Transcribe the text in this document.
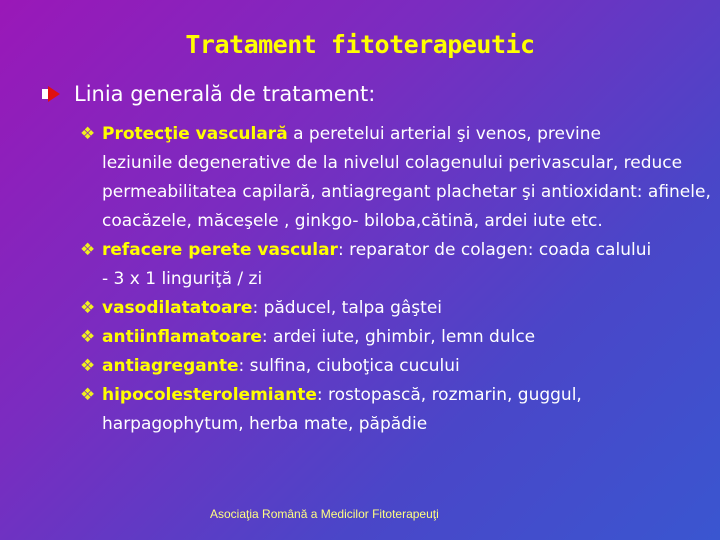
Tratament fitoterapeutic
Linia generală de tratament:
❖ Protecţie vasculară a peretelui arterial şi venos, previne
leziunile degenerative de la nivelul colagenului perivascular, reduce permeabilitatea capilară, antiagregant plachetar şi antioxidant: afinele, coacăzele, măceşele , ginkgo- biloba,cătină, ardei iute etc.
❖ refacere perete vascular: reparator de colagen: coada calului
- 3 x 1 linguriţă / zi
❖ vasodilatatoare: păducel, talpa gâştei
❖ antiinflamatoare: ardei iute, ghimbir, lemn dulce
❖ antiagregante: sulfina, ciuboţica cucului
❖ hipocolesterolemiante: rostopască, rozmarin, guggul,
harpagophytum, herba mate, păpădie
Asociaţia Română a Medicilor Fitoterapeuţi
